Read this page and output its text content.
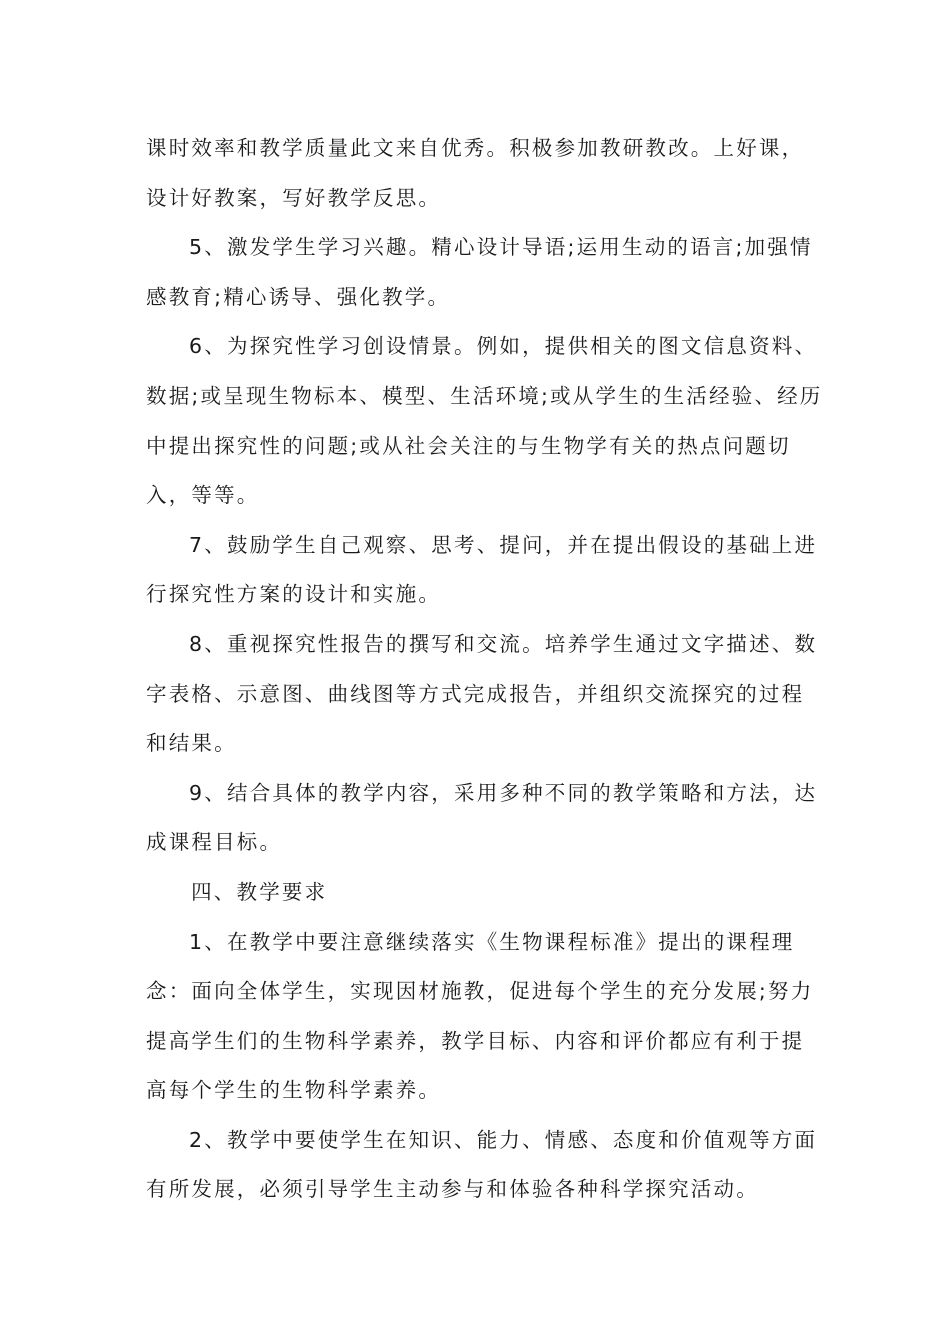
课时效率和教学质量此文来自优秀。积极参加教研教改。上好课，设计好教案，写好教学反思。

5、激发学生学习兴趣。精心设计导语;运用生动的语言;加强情感教育;精心诱导、强化教学。

6、为探究性学习创设情景。例如，提供相关的图文信息资料、数据;或呈现生物标本、模型、生活环境;或从学生的生活经验、经历中提出探究性的问题;或从社会关注的与生物学有关的热点问题切入，等等。

7、鼓励学生自己观察、思考、提问，并在提出假设的基础上进行探究性方案的设计和实施。

8、重视探究性报告的撰写和交流。培养学生通过文字描述、数字表格、示意图、曲线图等方式完成报告，并组织交流探究的过程和结果。

9、结合具体的教学内容，采用多种不同的教学策略和方法，达成课程目标。

四、教学要求

1、在教学中要注意继续落实《生物课程标准》提出的课程理念：面向全体学生，实现因材施教，促进每个学生的充分发展;努力提高学生们的生物科学素养，教学目标、内容和评价都应有利于提高每个学生的生物科学素养。

2、教学中要使学生在知识、能力、情感、态度和价值观等方面有所发展，必须引导学生主动参与和体验各种科学探究活动。
